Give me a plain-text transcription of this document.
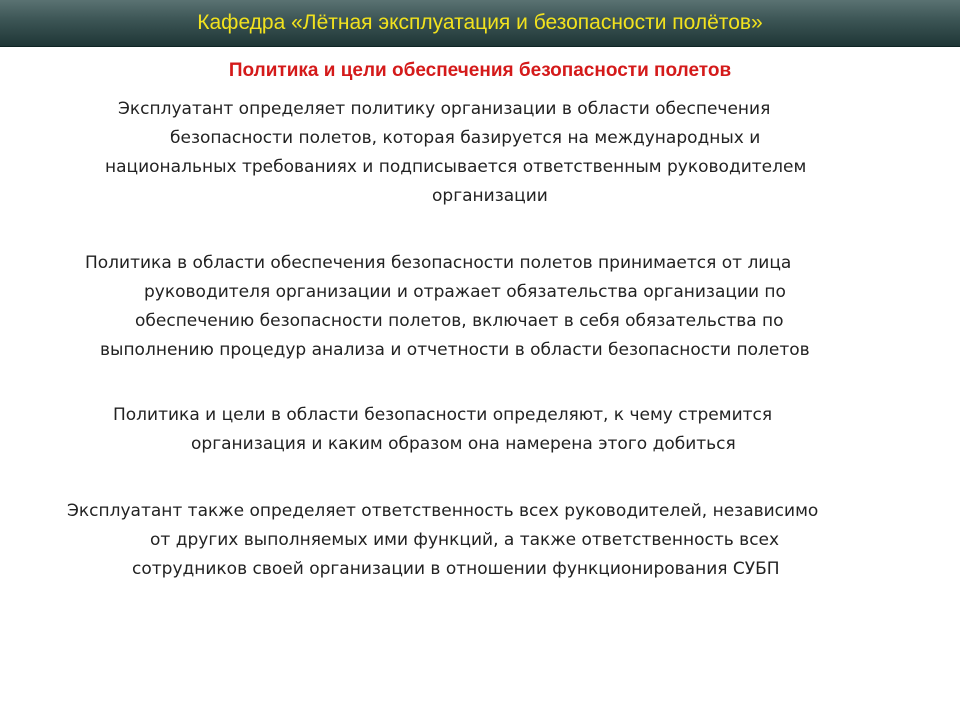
Кафедра «Лётная эксплуатация и безопасности полётов»
Политика и цели обеспечения безопасности полетов
Эксплуатант определяет политику организации в области обеспечения
безопасности полетов, которая базируется на международных и
национальных требованиях и подписывается ответственным руководителем
организации
Политика в области обеспечения безопасности полетов принимается от лица
руководителя организации и отражает обязательства организации по
обеспечению безопасности полетов, включает в себя обязательства по
выполнению процедур анализа и отчетности в области безопасности полетов
Политика и цели в области безопасности определяют, к чему стремится
организация и каким образом она намерена этого добиться
Эксплуатант также определяет ответственность всех руководителей, независимо
от других выполняемых ими функций, а также ответственность всех
сотрудников своей организации в отношении функционирования СУБП
